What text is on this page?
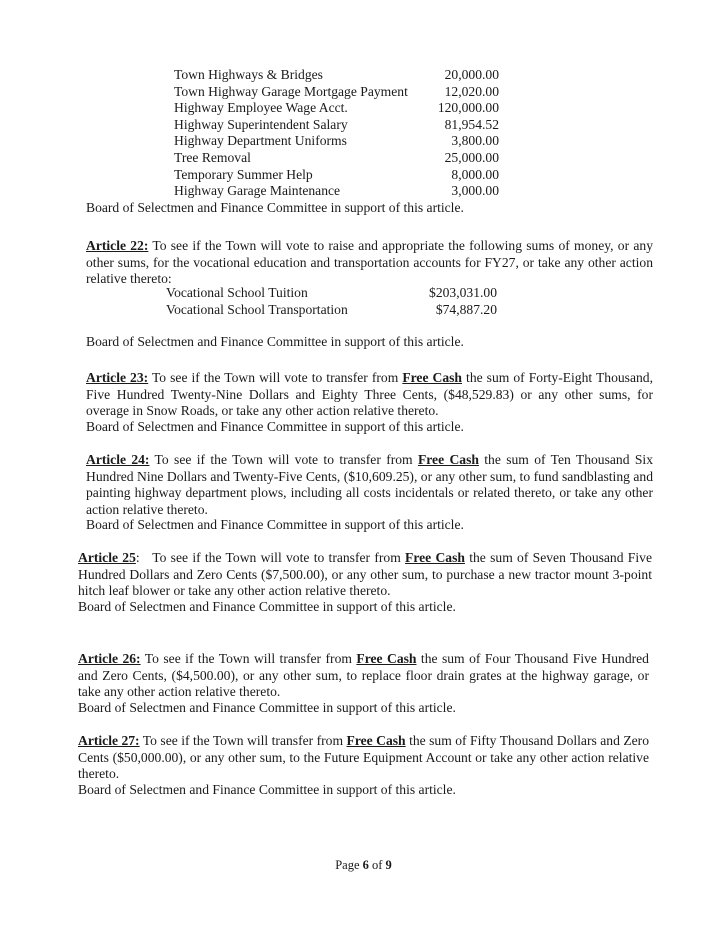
Town Highways & Bridges	20,000.00
Town Highway Garage Mortgage Payment	12,020.00
Highway Employee Wage Acct.	120,000.00
Highway Superintendent Salary	81,954.52
Highway Department Uniforms	3,800.00
Tree Removal	25,000.00
Temporary Summer Help	8,000.00
Highway Garage Maintenance	3,000.00

Board of Selectmen and Finance Committee in support of this article.

Article 22: To see if the Town will vote to raise and appropriate the following sums of money, or any other sums, for the vocational education and transportation accounts for FY27, or take any other action relative thereto:

Vocational School Tuition	$203,031.00
Vocational School Transportation	$74,887.20

Board of Selectmen and Finance Committee in support of this article.

Article 23: To see if the Town will vote to transfer from Free Cash the sum of Forty-Eight Thousand, Five Hundred Twenty-Nine Dollars and Eighty Three Cents, ($48,529.83) or any other sums, for overage in Snow Roads, or take any other action relative thereto.

Board of Selectmen and Finance Committee in support of this article.

Article 24: To see if the Town will vote to transfer from Free Cash the sum of Ten Thousand Six Hundred Nine Dollars and Twenty-Five Cents, ($10,609.25), or any other sum, to fund sandblasting and painting highway department plows, including all costs incidentals or related thereto, or take any other action relative thereto.

Board of Selectmen and Finance Committee in support of this article.

Article 25:   To see if the Town will vote to transfer from Free Cash the sum of Seven Thousand Five Hundred Dollars and Zero Cents ($7,500.00), or any other sum, to purchase a new tractor mount 3-point hitch leaf blower or take any other action relative thereto.

Board of Selectmen and Finance Committee in support of this article.

Article 26: To see if the Town will transfer from Free Cash the sum of Four Thousand Five Hundred and Zero Cents, ($4,500.00), or any other sum, to replace floor drain grates at the highway garage, or take any other action relative thereto.

Board of Selectmen and Finance Committee in support of this article.

Article 27: To see if the Town will transfer from Free Cash the sum of Fifty Thousand Dollars and Zero Cents ($50,000.00), or any other sum, to the Future Equipment Account or take any other action relative thereto.

Board of Selectmen and Finance Committee in support of this article.

Page 6 of 9
